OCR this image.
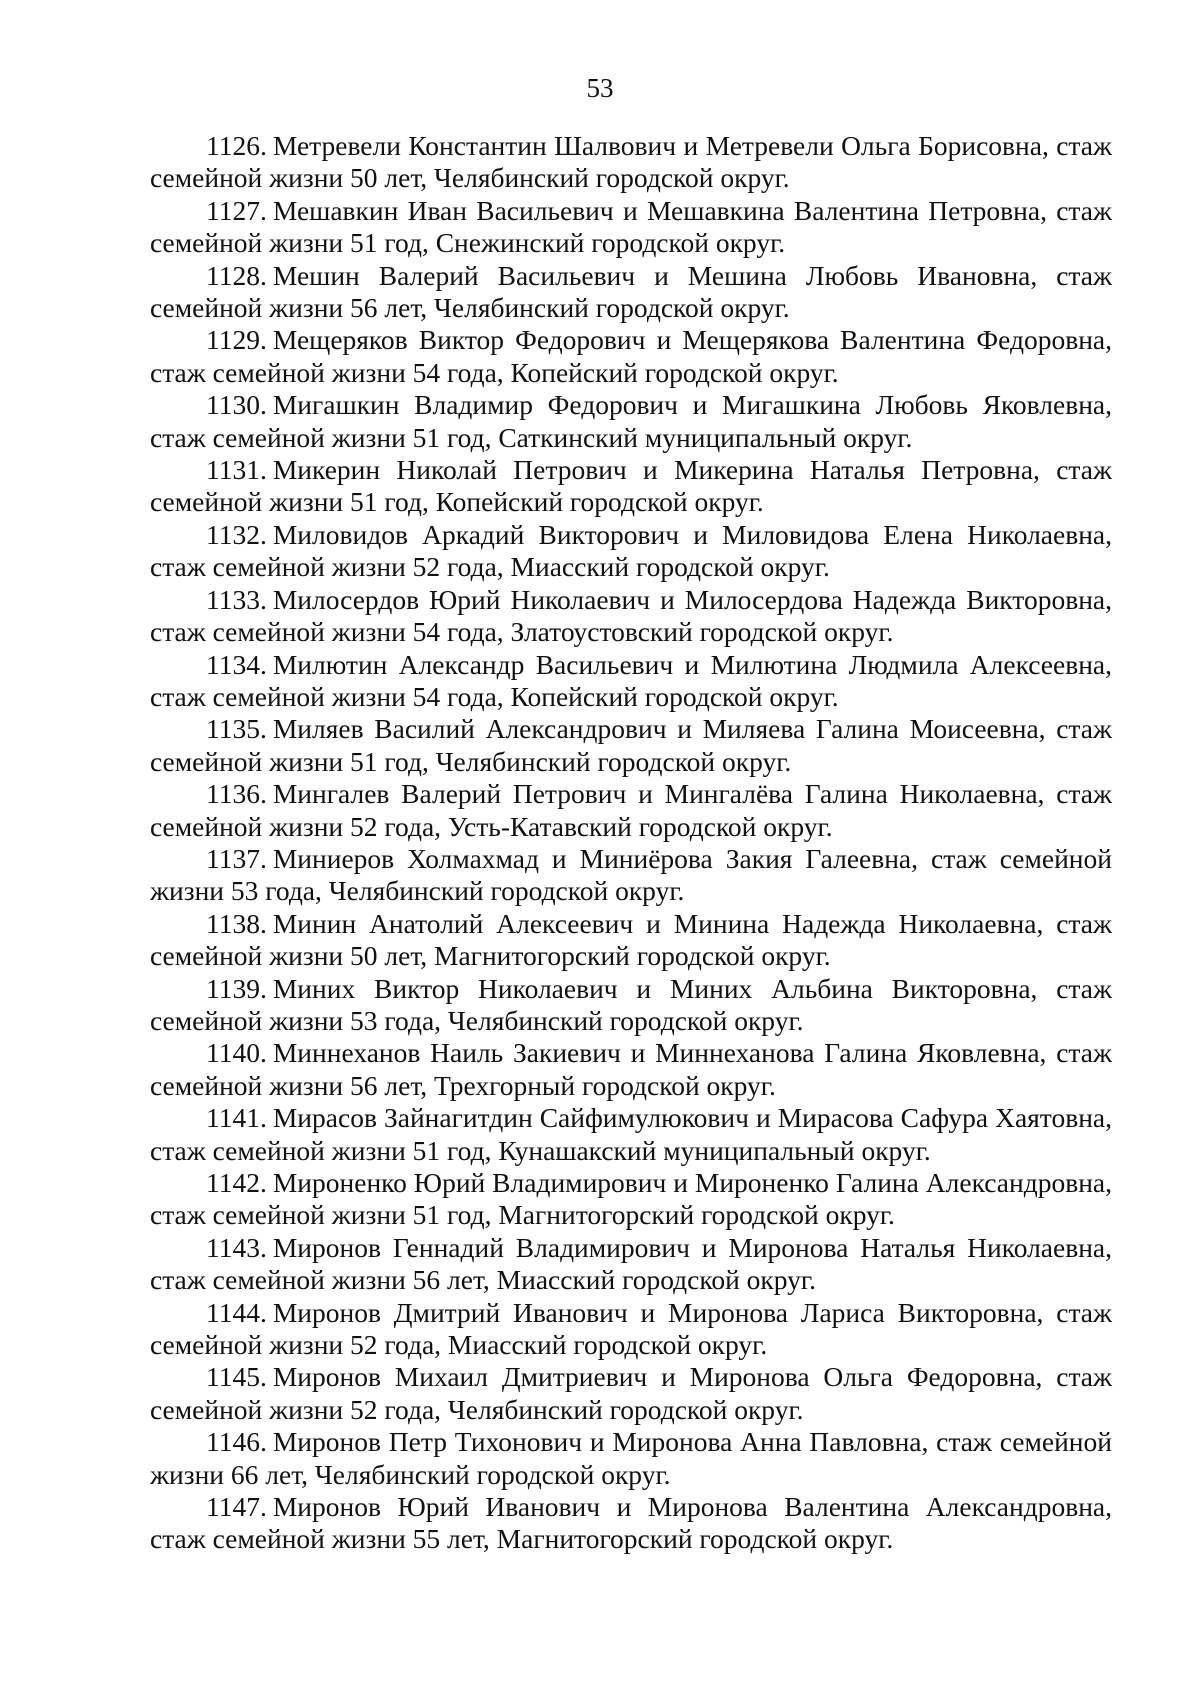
53

1126. Метревели Константин Шалвович и Метревели Ольга Борисовна, стаж семейной жизни 50 лет, Челябинский городской округ.

1127. Мешавкин Иван Васильевич и Мешавкина Валентина Петровна, стаж семейной жизни 51 год, Снежинский городской округ.

1128. Мешин Валерий Васильевич и Мешина Любовь Ивановна, стаж семейной жизни 56 лет, Челябинский городской округ.

1129. Мещеряков Виктор Федорович и Мещерякова Валентина Федоровна, стаж семейной жизни 54 года, Копейский городской округ.

1130. Мигашкин Владимир Федорович и Мигашкина Любовь Яковлевна, стаж семейной жизни 51 год, Саткинский муниципальный округ.

1131. Микерин Николай Петрович и Микерина Наталья Петровна, стаж семейной жизни 51 год, Копейский городской округ.

1132. Миловидов Аркадий Викторович и Миловидова Елена Николаевна, стаж семейной жизни 52 года, Миасский городской округ.

1133. Милосердов Юрий Николаевич и Милосердова Надежда Викторовна, стаж семейной жизни 54 года, Златоустовский городской округ.

1134. Милютин Александр Васильевич и Милютина Людмила Алексеевна, стаж семейной жизни 54 года, Копейский городской округ.

1135. Миляев Василий Александрович и Миляева Галина Моисеевна, стаж семейной жизни 51 год, Челябинский городской округ.

1136. Мингалев Валерий Петрович и Мингалёва Галина Николаевна, стаж семейной жизни 52 года, Усть-Катавский городской округ.

1137. Миниеров Холмахмад и Миниёрова Закия Галеевна, стаж семейной жизни 53 года, Челябинский городской округ.

1138. Минин Анатолий Алексеевич и Минина Надежда Николаевна, стаж семейной жизни 50 лет, Магнитогорский городской округ.

1139. Миних Виктор Николаевич и Миних Альбина Викторовна, стаж семейной жизни 53 года, Челябинский городской округ.

1140. Миннеханов Наиль Закиевич и Миннеханова Галина Яковлевна, стаж семейной жизни 56 лет, Трехгорный городской округ.

1141. Мирасов Зайнагитдин Сайфимулюкович и Мирасова Сафура Хаятовна, стаж семейной жизни 51 год, Кунашакский муниципальный округ.

1142. Мироненко Юрий Владимирович и Мироненко Галина Александровна, стаж семейной жизни 51 год, Магнитогорский городской округ.

1143. Миронов Геннадий Владимирович и Миронова Наталья Николаевна, стаж семейной жизни 56 лет, Миасский городской округ.

1144. Миронов Дмитрий Иванович и Миронова Лариса Викторовна, стаж семейной жизни 52 года, Миасский городской округ.

1145. Миронов Михаил Дмитриевич и Миронова Ольга Федоровна, стаж семейной жизни 52 года, Челябинский городской округ.

1146. Миронов Петр Тихонович и Миронова Анна Павловна, стаж семейной жизни 66 лет, Челябинский городской округ.

1147. Миронов Юрий Иванович и Миронова Валентина Александровна, стаж семейной жизни 55 лет, Магнитогорский городской округ.
